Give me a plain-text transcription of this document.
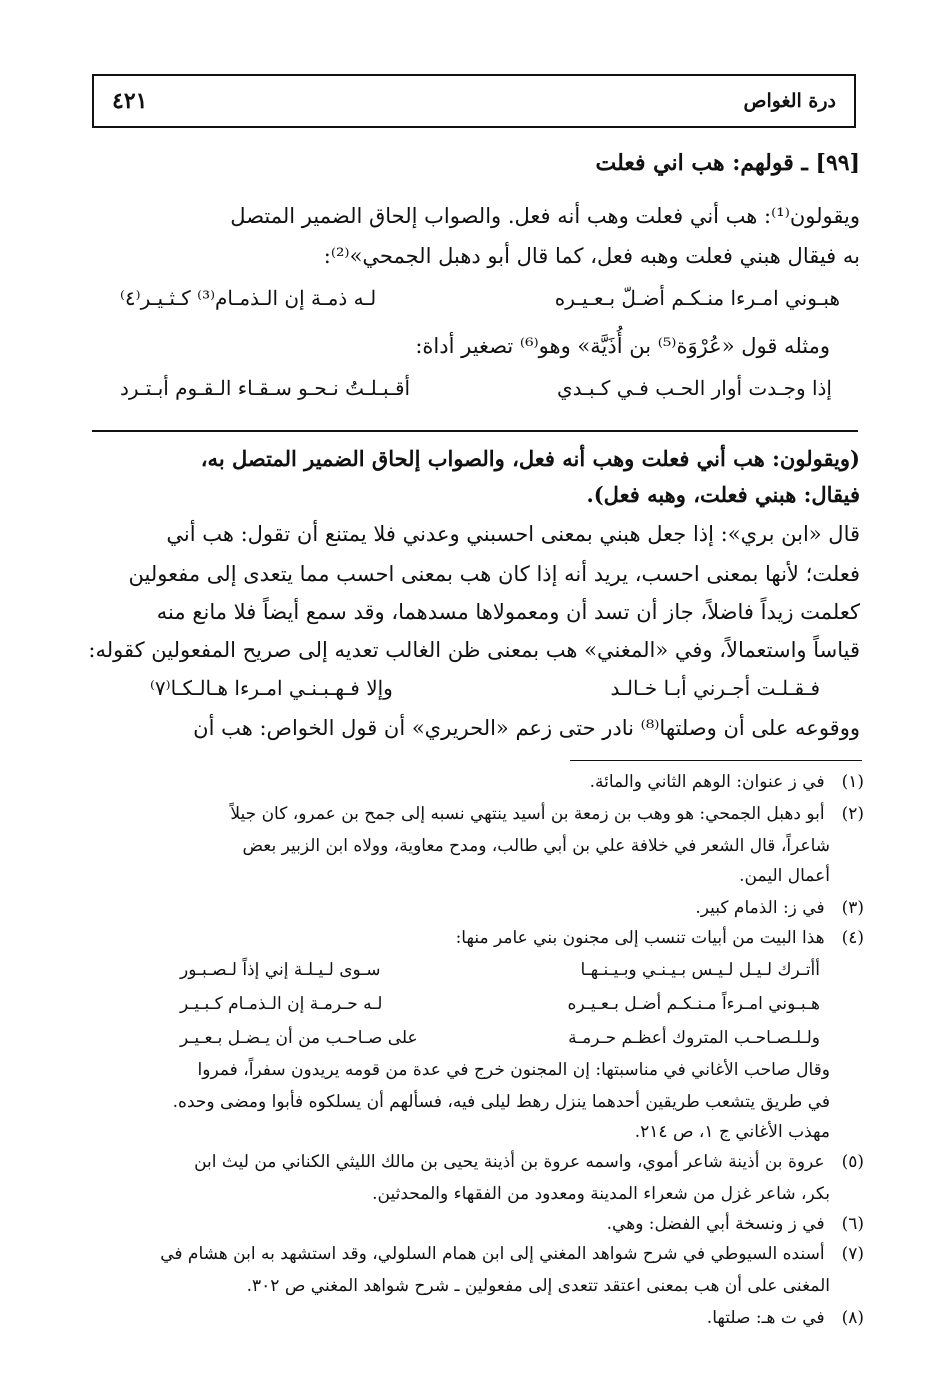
درة الغواص
٤٢١
[٩٩] ـ قولهم: هب اني فعلت
ويقولون⁽¹⁾: هب أني فعلت وهب أنه فعل. والصواب إلحاق الضمير المتصل
به فيقال هبني فعلت وهبه فعل، كما قال أبو دهبل الجمحي»⁽²⁾:
هبـوني امـرءا منـكـم أضـلّ بـعـيـره
لـه ذمـة إن الـذمـام⁽³⁾ كـثـيـر⁽٤⁾
ومثله قول «عُرْوَة⁽⁵⁾ بن أُذَيَّة» وهو⁽⁶⁾ تصغير أداة:
إذا وجـدت أوار الحـب فـي كـبـدي
أقـبـلـتُ نـحـو سـقـاء الـقـوم أبـتـرد
(ويقولون: هب أني فعلت وهب أنه فعل، والصواب إلحاق الضمير المتصل به،
فيقال: هبني فعلت، وهبه فعل).
قال «ابن بري»: إذا جعل هبني بمعنى احسبني وعدني فلا يمتنع أن تقول: هب أني
فعلت؛ لأنها بمعنى احسب، يريد أنه إذا كان هب بمعنى احسب مما يتعدى إلى مفعولين
كعلمت زيداً فاضلاً، جاز أن تسد أن ومعمولاها مسدهما، وقد سمع أيضاً فلا مانع منه
قياساً واستعمالاً، وفي «المغني» هب بمعنى ظن الغالب تعديه إلى صريح المفعولين كقوله:
فـقـلـت أجـرني أبـا خـالـد
وإلا فـهـبـنـي امـرءا هـالـكـا⁽٧⁾
ووقوعه على أن وصلتها⁽⁸⁾ نادر حتى زعم «الحريري» أن قول الخواص: هب أن
(١) في ز عنوان: الوهم الثاني والمائة.
(٢) أبو دهبل الجمحي: هو وهب بن زمعة بن أسيد ينتهي نسبه إلى جمح بن عمرو، كان جيلاً
شاعراً، قال الشعر في خلافة علي بن أبي طالب، ومدح معاوية، وولاه ابن الزبير بعض
أعمال اليمن.
(٣) في ز: الذمام كبير.
(٤) هذا البيت من أبيات تنسب إلى مجنون بني عامر منها:
أأتـرك لـيـل لـيـس بـيـنـي وبـيـنـهـا
سـوى لـيـلـة إني إذاً لـصـبـور
هـبـوني امـرءاً مـنـكـم أضـل بـعـيـره
لـه حـرمـة إن الـذمـام كـبـيـر
ولـلـصـاحـب المتروك أعظـم حـرمـة
على صـاحـب من أن يـضـل بـعـيـر
وقال صاحب الأغاني في مناسبتها: إن المجنون خرج في عدة من قومه يريدون سفراً، فمروا
في طريق يتشعب طريقين أحدهما ينزل رهط ليلى فيه، فسألهم أن يسلكوه فأبوا ومضى وحده.
مهذب الأغاني ج ١، ص ٢١٤.
(٥) عروة بن أذينة شاعر أموي، واسمه عروة بن أذينة يحيى بن مالك الليثي الكناني من ليث ابن
بكر، شاعر غزل من شعراء المدينة ومعدود من الفقهاء والمحدثين.
(٦) في ز ونسخة أبي الفضل: وهي.
(٧) أسنده السيوطي في شرح شواهد المغني إلى ابن همام السلولي، وقد استشهد به ابن هشام في
المغنى على أن هب بمعنى اعتقد تتعدى إلى مفعولين ـ شرح شواهد المغني ص ٣٠٢.
(٨) في ت هـ: صلتها.
